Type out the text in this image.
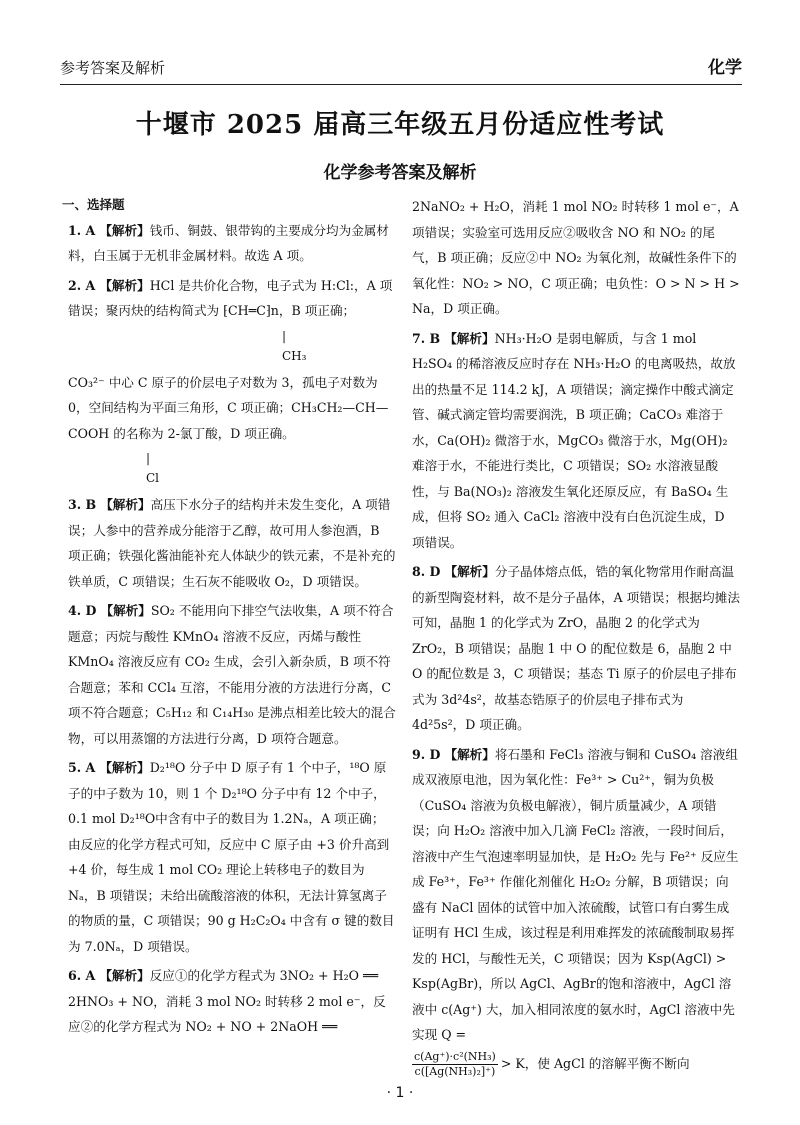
参考答案及解析	化学
十堰市 2025 届高三年级五月份适应性考试
化学参考答案及解析
一、选择题
1. A 【解析】钱币、铜鼓、银带钩的主要成分均为金属材料，白玉属于无机非金属材料。故选 A 项。
2. A 【解析】HCl 是共价化合物，电子式为 H:Cl:，A 项错误；聚丙炔的结构简式为 ⁅CH═C⁆n，B 项正确；
|
CH₃
CO₃²⁻ 中心 C 原子的价层电子对数为 3，孤电子对数为 0，空间结构为平面三角形，C 项正确；CH₃CH₂—CH—COOH 的名称为 2-氯丁酸，D 项正确。
|
Cl
3. B 【解析】高压下水分子的结构并未发生变化，A 项错误；人参中的营养成分能溶于乙醇，故可用人参泡酒，B 项正确；铁强化酱油能补充人体缺少的铁元素，不是补充的铁单质，C 项错误；生石灰不能吸收 O₂，D 项错误。
4. D 【解析】SO₂ 不能用向下排空气法收集，A 项不符合题意；丙烷与酸性 KMnO₄ 溶液不反应，丙烯与酸性 KMnO₄ 溶液反应有 CO₂ 生成，会引入新杂质，B 项不符合题意；苯和 CCl₄ 互溶，不能用分液的方法进行分离，C 项不符合题意；C₅H₁₂ 和 C₁₄H₃₀ 是沸点相差比较大的混合物，可以用蒸馏的方法进行分离，D 项符合题意。
5. A 【解析】D₂¹⁸O 分子中 D 原子有 1 个中子，¹⁸O 原子的中子数为 10，则 1 个 D₂¹⁸O 分子中有 12 个中子，0.1 mol D₂¹⁸O中含有中子的数目为 1.2Nₐ，A 项正确；由反应的化学方程式可知，反应中 C 原子由 +3 价升高到 +4 价，每生成 1 mol CO₂ 理论上转移电子的数目为 Nₐ，B 项错误；未给出硫酸溶液的体积，无法计算氢离子的物质的量，C 项错误；90 g H₂C₂O₄ 中含有 σ 键的数目为 7.0Nₐ，D 项错误。
6. A 【解析】反应①的化学方程式为 3NO₂ + H₂O ══ 2HNO₃ + NO，消耗 3 mol NO₂ 时转移 2 mol e⁻，反应②的化学方程式为 NO₂ + NO + 2NaOH ══
2NaNO₂ + H₂O，消耗 1 mol NO₂ 时转移 1 mol e⁻，A 项错误；实验室可选用反应②吸收含 NO 和 NO₂ 的尾气，B 项正确；反应②中 NO₂ 为氧化剂，故碱性条件下的氧化性：NO₂ > NO，C 项正确；电负性：O > N > H > Na，D 项正确。
7. B 【解析】NH₃·H₂O 是弱电解质，与含 1 mol H₂SO₄ 的稀溶液反应时存在 NH₃·H₂O 的电离吸热，故放出的热量不足 114.2 kJ，A 项错误；滴定操作中酸式滴定管、碱式滴定管均需要润洗，B 项正确；CaCO₃ 难溶于水，Ca(OH)₂ 微溶于水，MgCO₃ 微溶于水，Mg(OH)₂ 难溶于水，不能进行类比，C 项错误；SO₂ 水溶液显酸性，与 Ba(NO₃)₂ 溶液发生氧化还原反应，有 BaSO₄ 生成，但将 SO₂ 通入 CaCl₂ 溶液中没有白色沉淀生成，D 项错误。
8. D 【解析】分子晶体熔点低，锆的氧化物常用作耐高温的新型陶瓷材料，故不是分子晶体，A 项错误；根据均摊法可知，晶胞 1 的化学式为 ZrO，晶胞 2 的化学式为 ZrO₂，B 项错误；晶胞 1 中 O 的配位数是 6，晶胞 2 中 O 的配位数是 3，C 项错误；基态 Ti 原子的价层电子排布式为 3d²4s²，故基态锆原子的价层电子排布式为 4d²5s²，D 项正确。
9. D 【解析】将石墨和 FeCl₃ 溶液与铜和 CuSO₄ 溶液组成双液原电池，因为氧化性：Fe³⁺ > Cu²⁺，铜为负极（CuSO₄ 溶液为负极电解液），铜片质量减少，A 项错误；向 H₂O₂ 溶液中加入几滴 FeCl₂ 溶液，一段时间后，溶液中产生气泡速率明显加快，是 H₂O₂ 先与 Fe²⁺ 反应生成 Fe³⁺，Fe³⁺ 作催化剂催化 H₂O₂ 分解，B 项错误；向盛有 NaCl 固体的试管中加入浓硫酸，试管口有白雾生成证明有 HCl 生成，该过程是利用难挥发的浓硫酸制取易挥发的 HCl，与酸性无关，C 项错误；因为 Ksp(AgCl) > Ksp(AgBr)，所以 AgCl、AgBr的饱和溶液中，AgCl 溶液中 c(Ag⁺) 大，加入相同浓度的氨水时，AgCl 溶液中先实现 Q =
$\frac{\text{c(Ag⁺)·c²(NH₃)}}{\text{c([Ag(NH₃)₂]⁺)}} > K$，使 AgCl 的溶解平衡不断向
· 1 ·
